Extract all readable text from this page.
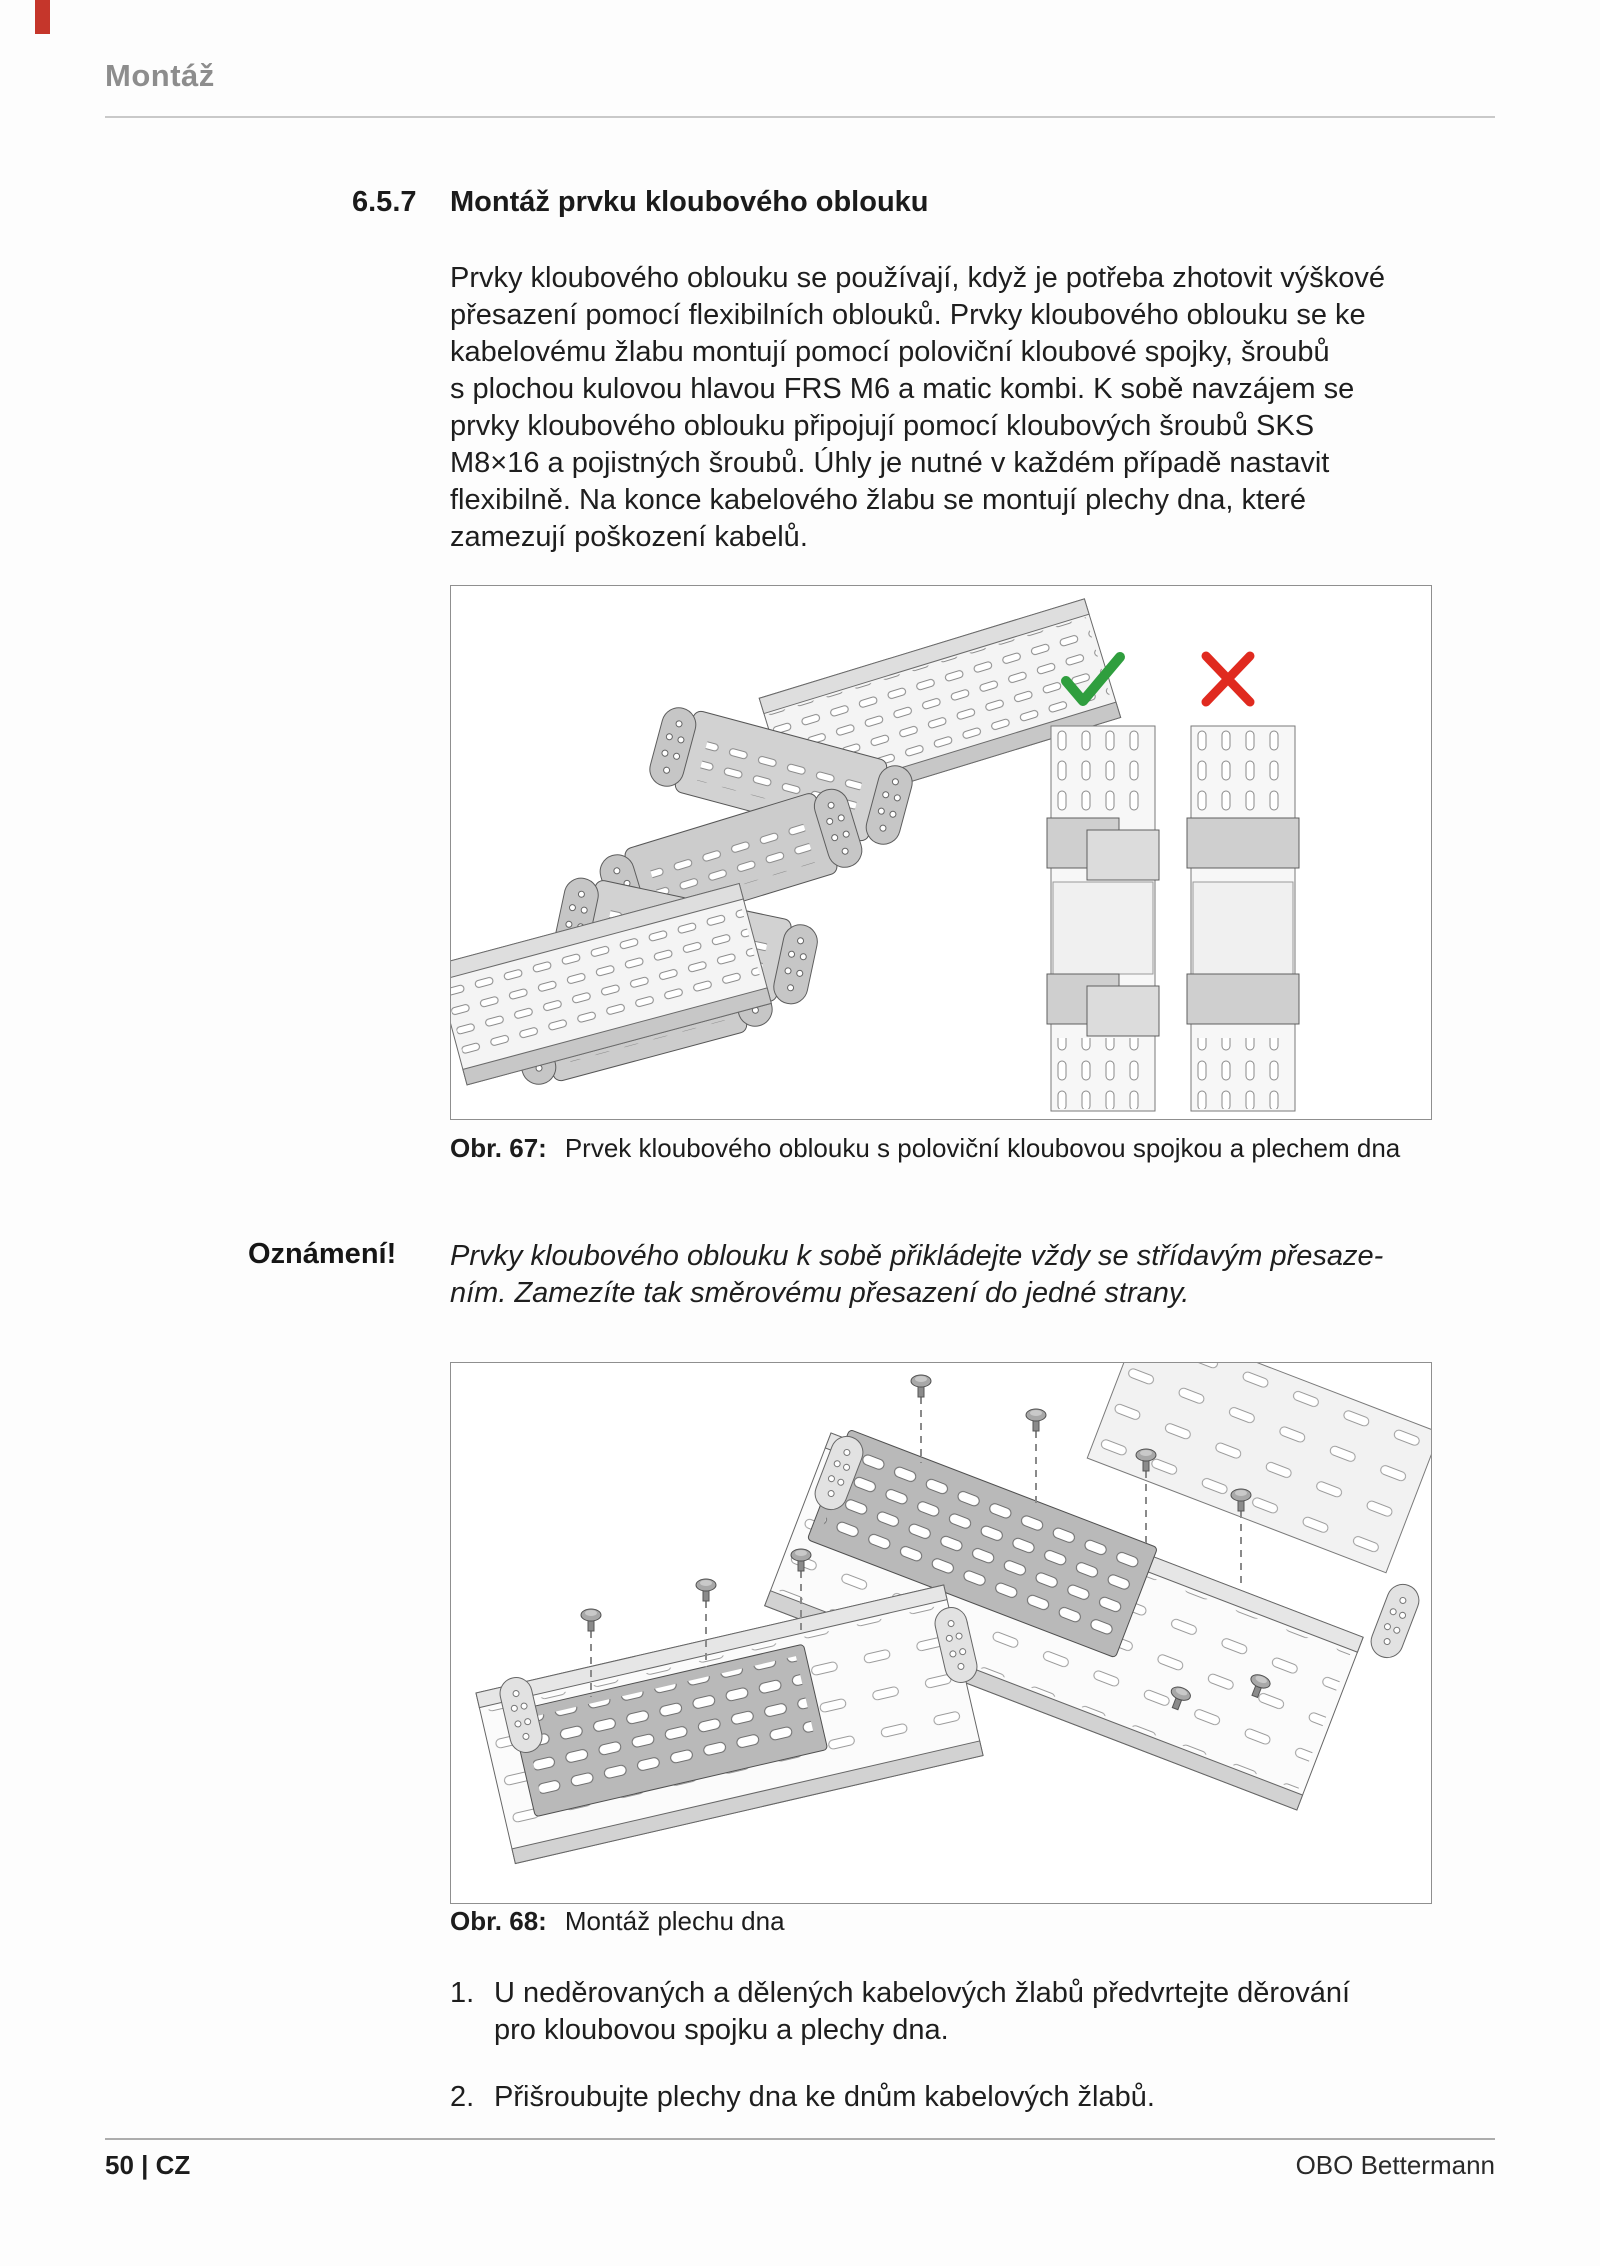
Montáž
6.5.7 Montáž prvku kloubového oblouku
Prvky kloubového oblouku se používají, když je potřeba zhotovit výškové
přesazení pomocí flexibilních oblouků. Prvky kloubového oblouku se ke
kabelovému žlabu montují pomocí poloviční kloubové spojky, šroubů
s plochou kulovou hlavou FRS M6 a matic kombi. K sobě navzájem se
prvky kloubového oblouku připojují pomocí kloubových šroubů SKS
M8×16 a pojistných šroubů. Úhly je nutné v každém případě nastavit
flexibilně. Na konce kabelového žlabu se montují plechy dna, které
zamezují poškození kabelů.
Obr. 67: Prvek kloubového oblouku s poloviční kloubovou spojkou a plechem dna
Oznámení! Prvky kloubového oblouku k sobě přikládejte vždy se střídavým přesaze-
ním. Zamezíte tak směrovému přesazení do jedné strany.
Obr. 68: Montáž plechu dna
1. U neděrovaných a dělených kabelových žlabů předvrtejte děrování
pro kloubovou spojku a plechy dna.
2. Přišroubujte plechy dna ke dnům kabelových žlabů.
50 | CZ	OBO Bettermann
